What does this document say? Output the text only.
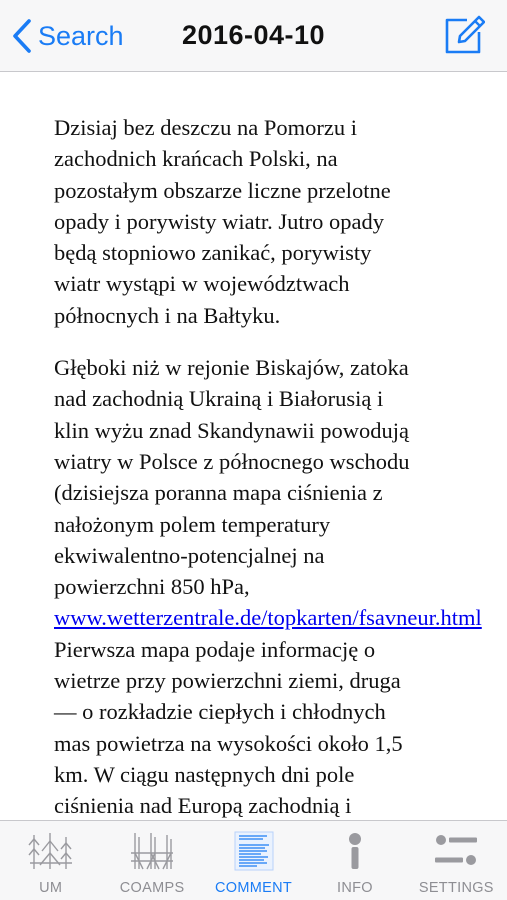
Search	2016-04-10

Dzisiaj bez deszczu na Pomorzu i
zachodnich krańcach Polski, na
pozostałym obszarze liczne przelotne
opady i porywisty wiatr. Jutro opady
będą stopniowo zanikać, porywisty
wiatr wystąpi w województwach
północnych i na Bałtyku.

Głęboki niż w rejonie Biskajów, zatoka
nad zachodnią Ukrainą i Białorusią i
klin wyżu znad Skandynawii powodują
wiatry w Polsce z północnego wschodu
(dzisiejsza poranna mapa ciśnienia z
nałożonym polem temperatury
ekwiwalentno-potencjalnej na
powierzchni 850 hPa,
www.wetterzentrale.de/topkarten/fsavneur.html
Pierwsza mapa podaje informację o
wietrze przy powierzchni ziemi, druga
— o rozkładzie ciepłych i chłodnych
mas powietrza na wysokości około 1,5
km. W ciągu następnych dni pole
ciśnienia nad Europą zachodnią i

UM	COAMPS	COMMENT	INFO	SETTINGS
